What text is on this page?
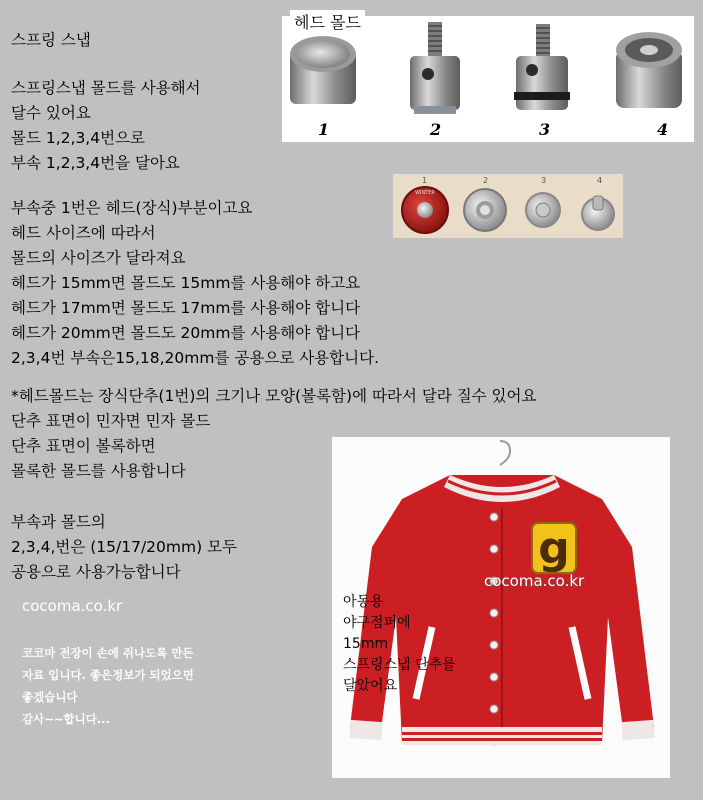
스프링 스냅
스프링스냅 몰드를 사용해서
달수 있어요
몰드 1,2,3,4번으로
부속 1,2,3,4번을 달아요
부속중 1번은 헤드(장식)부분이고요
헤드 사이즈에 따라서
몰드의 사이즈가 달라져요
헤드가 15mm면 몰드도 15mm를 사용해야 하고요
헤드가 17mm면 몰드도 17mm를 사용해야 합니다
헤드가 20mm면 몰드도 20mm를 사용해야 합니다
2,3,4번 부속은15,18,20mm를 공용으로 사용합니다.
*헤드몰드는 장식단추(1번)의 크기나 모양(볼록함)에 따라서 달라 질수 있어요
단추 표면이 민자면 민자 몰드
단추 표면이 볼록하면
몰록한 몰드를 사용합니다
부속과 몰드의
2,3,4,번은 (15/17/20mm) 모두
공용으로 사용가능합니다
cocoma.co.kr
코코마 전장이 손에 쥐나도록 만든
자료 입니다. 좋은정보가 되었으면
좋겠습니다
감사~~합니다...
헤드 몰드
1	2	3	4
WINTER
1	2	3	4
g
cocoma.co.kr
아동용
야구점퍼에
15mm
스프링스냅 단추를
달았어요
